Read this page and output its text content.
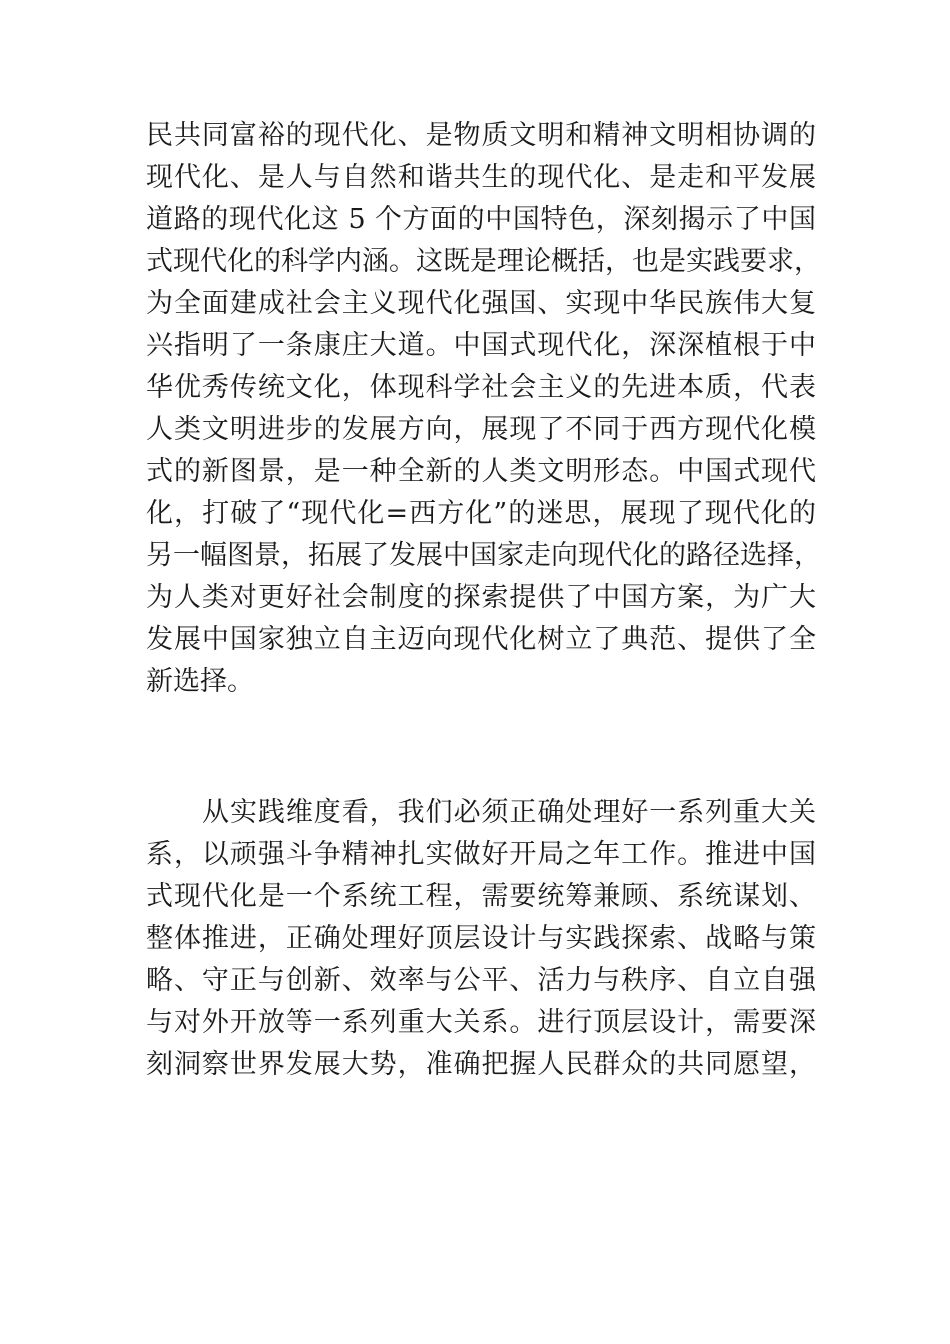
民共同富裕的现代化、是物质文明和精神文明相协调的
现代化、是人与自然和谐共生的现代化、是走和平发展
道路的现代化这 5 个方面的中国特色，深刻揭示了中国
式现代化的科学内涵。这既是理论概括，也是实践要求，
为全面建成社会主义现代化强国、实现中华民族伟大复
兴指明了一条康庄大道。中国式现代化，深深植根于中
华优秀传统文化，体现科学社会主义的先进本质，代表
人类文明进步的发展方向，展现了不同于西方现代化模
式的新图景，是一种全新的人类文明形态。中国式现代
化，打破了“现代化=西方化”的迷思，展现了现代化的
另一幅图景，拓展了发展中国家走向现代化的路径选择，
为人类对更好社会制度的探索提供了中国方案，为广大
发展中国家独立自主迈向现代化树立了典范、提供了全
新选择。
从实践维度看，我们必须正确处理好一系列重大关
系，以顽强斗争精神扎实做好开局之年工作。推进中国
式现代化是一个系统工程，需要统筹兼顾、系统谋划、
整体推进，正确处理好顶层设计与实践探索、战略与策
略、守正与创新、效率与公平、活力与秩序、自立自强
与对外开放等一系列重大关系。进行顶层设计，需要深
刻洞察世界发展大势，准确把握人民群众的共同愿望，
